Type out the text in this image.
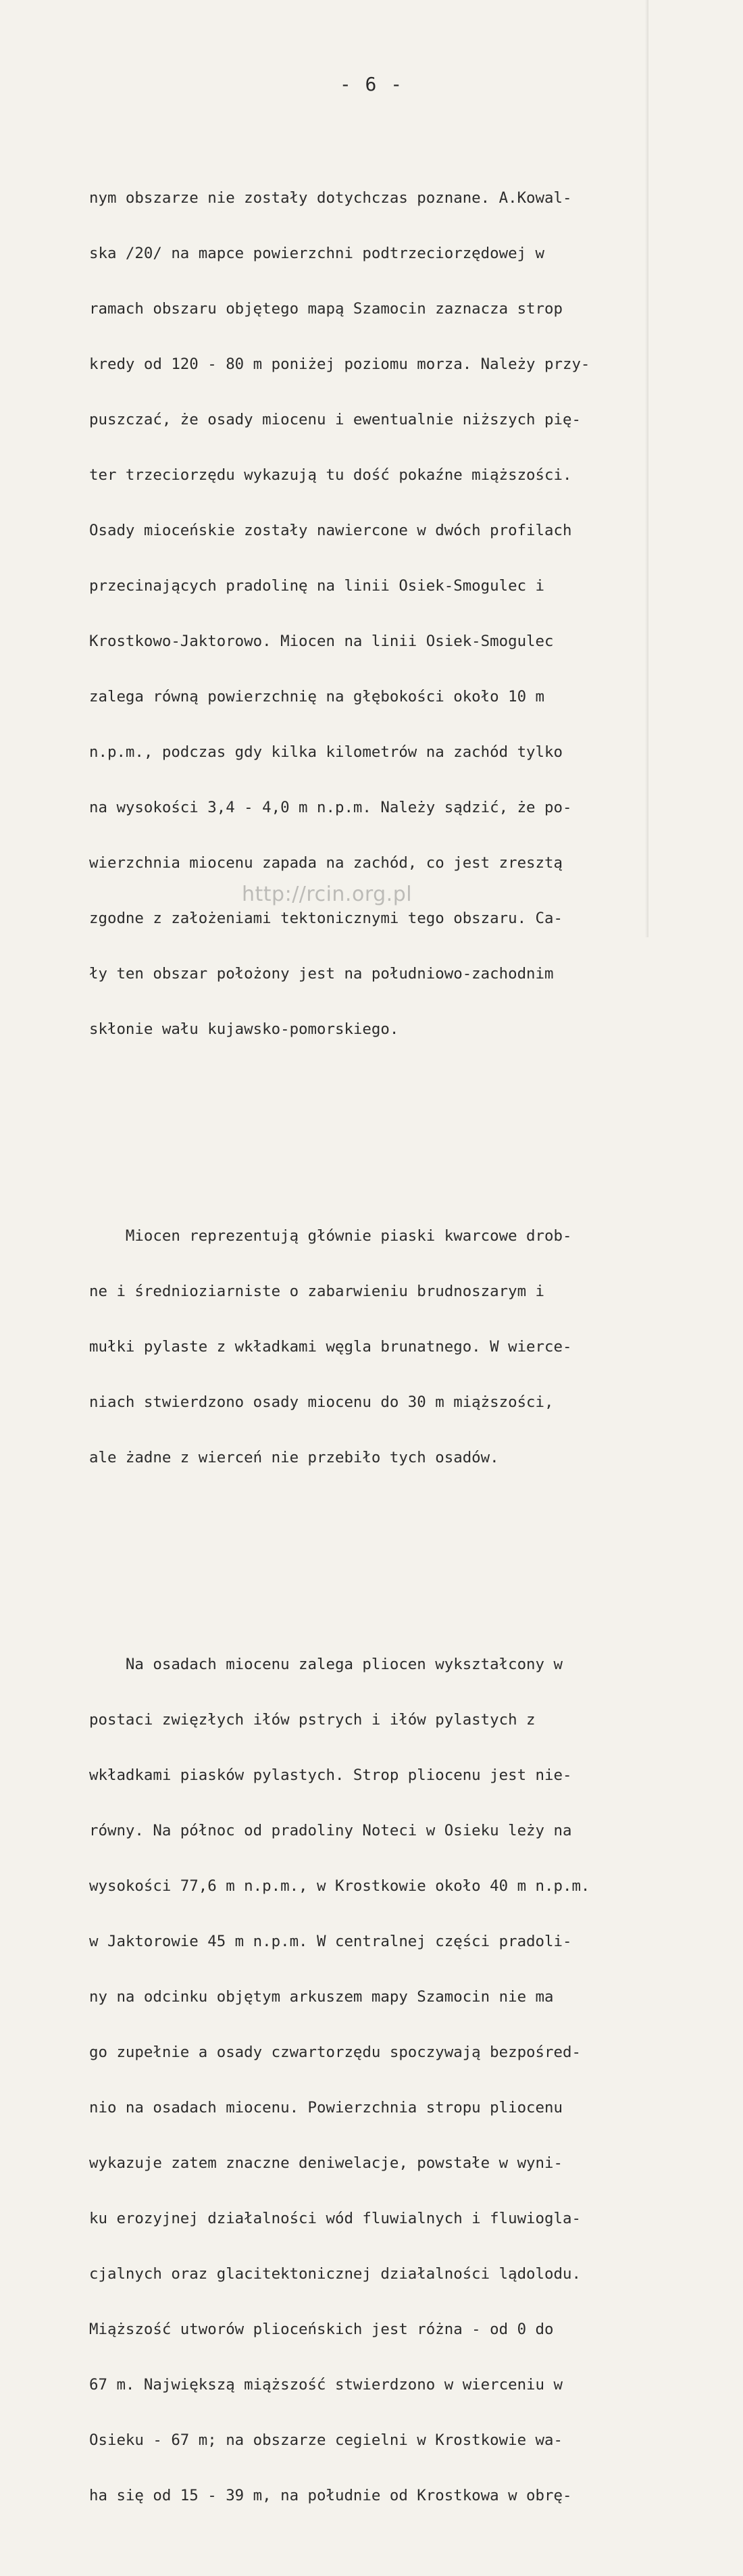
- 6 -

nym obszarze nie zostały dotychczas poznane. A.Kowal-

ska /20/ na mapce powierzchni podtrzeciorzędowej w

ramach obszaru objętego mapą Szamocin zaznacza strop

kredy od 120 - 80 m poniżej poziomu morza. Należy przy-

puszczać, że osady miocenu i ewentualnie niższych pię-

ter trzeciorzędu wykazują tu dość pokaźne miąższości.

Osady mioceńskie zostały nawiercone w dwóch profilach

przecinających pradolinę na linii Osiek-Smogulec i

Krostkowo-Jaktorowo. Miocen na linii Osiek-Smogulec

zalega równą powierzchnię na głębokości około 10 m

n.p.m., podczas gdy kilka kilometrów na zachód tylko

na wysokości 3,4 - 4,0 m n.p.m. Należy sądzić, że po-

wierzchnia miocenu zapada na zachód, co jest zresztą

zgodne z założeniami tektonicznymi tego obszaru. Ca-

ły ten obszar położony jest na południowo-zachodnim

skłonie wału kujawsko-pomorskiego.

Miocen reprezentują głównie piaski kwarcowe drob-

ne i średnioziarniste o zabarwieniu brudnoszarym i

mułki pylaste z wkładkami węgla brunatnego. W wierce-

niach stwierdzono osady miocenu do 30 m miąższości,

ale żadne z wierceń nie przebiło tych osadów.

Na osadach miocenu zalega pliocen wykształcony w

postaci zwięzłych iłów pstrych i iłów pylastych z

wkładkami piasków pylastych. Strop pliocenu jest nie-

równy. Na północ od pradoliny Noteci w Osieku leży na

wysokości 77,6 m n.p.m., w Krostkowie około 40 m n.p.m.

w Jaktorowie 45 m n.p.m. W centralnej części pradoli-

ny na odcinku objętym arkuszem mapy Szamocin nie ma

go zupełnie a osady czwartorzędu spoczywają bezpośred-

nio na osadach miocenu. Powierzchnia stropu pliocenu

wykazuje zatem znaczne deniwelacje, powstałe w wyni-

ku erozyjnej działalności wód fluwialnych i fluwiogla-

cjalnych oraz glacitektonicznej działalności lądolodu.

Miąższość utworów plioceńskich jest różna - od 0 do

67 m. Największą miąższość stwierdzono w wierceniu w

Osieku - 67 m; na obszarze cegielni w Krostkowie wa-

ha się od 15 - 39 m, na południe od Krostkowa w obrę-

http://rcin.org.pl
